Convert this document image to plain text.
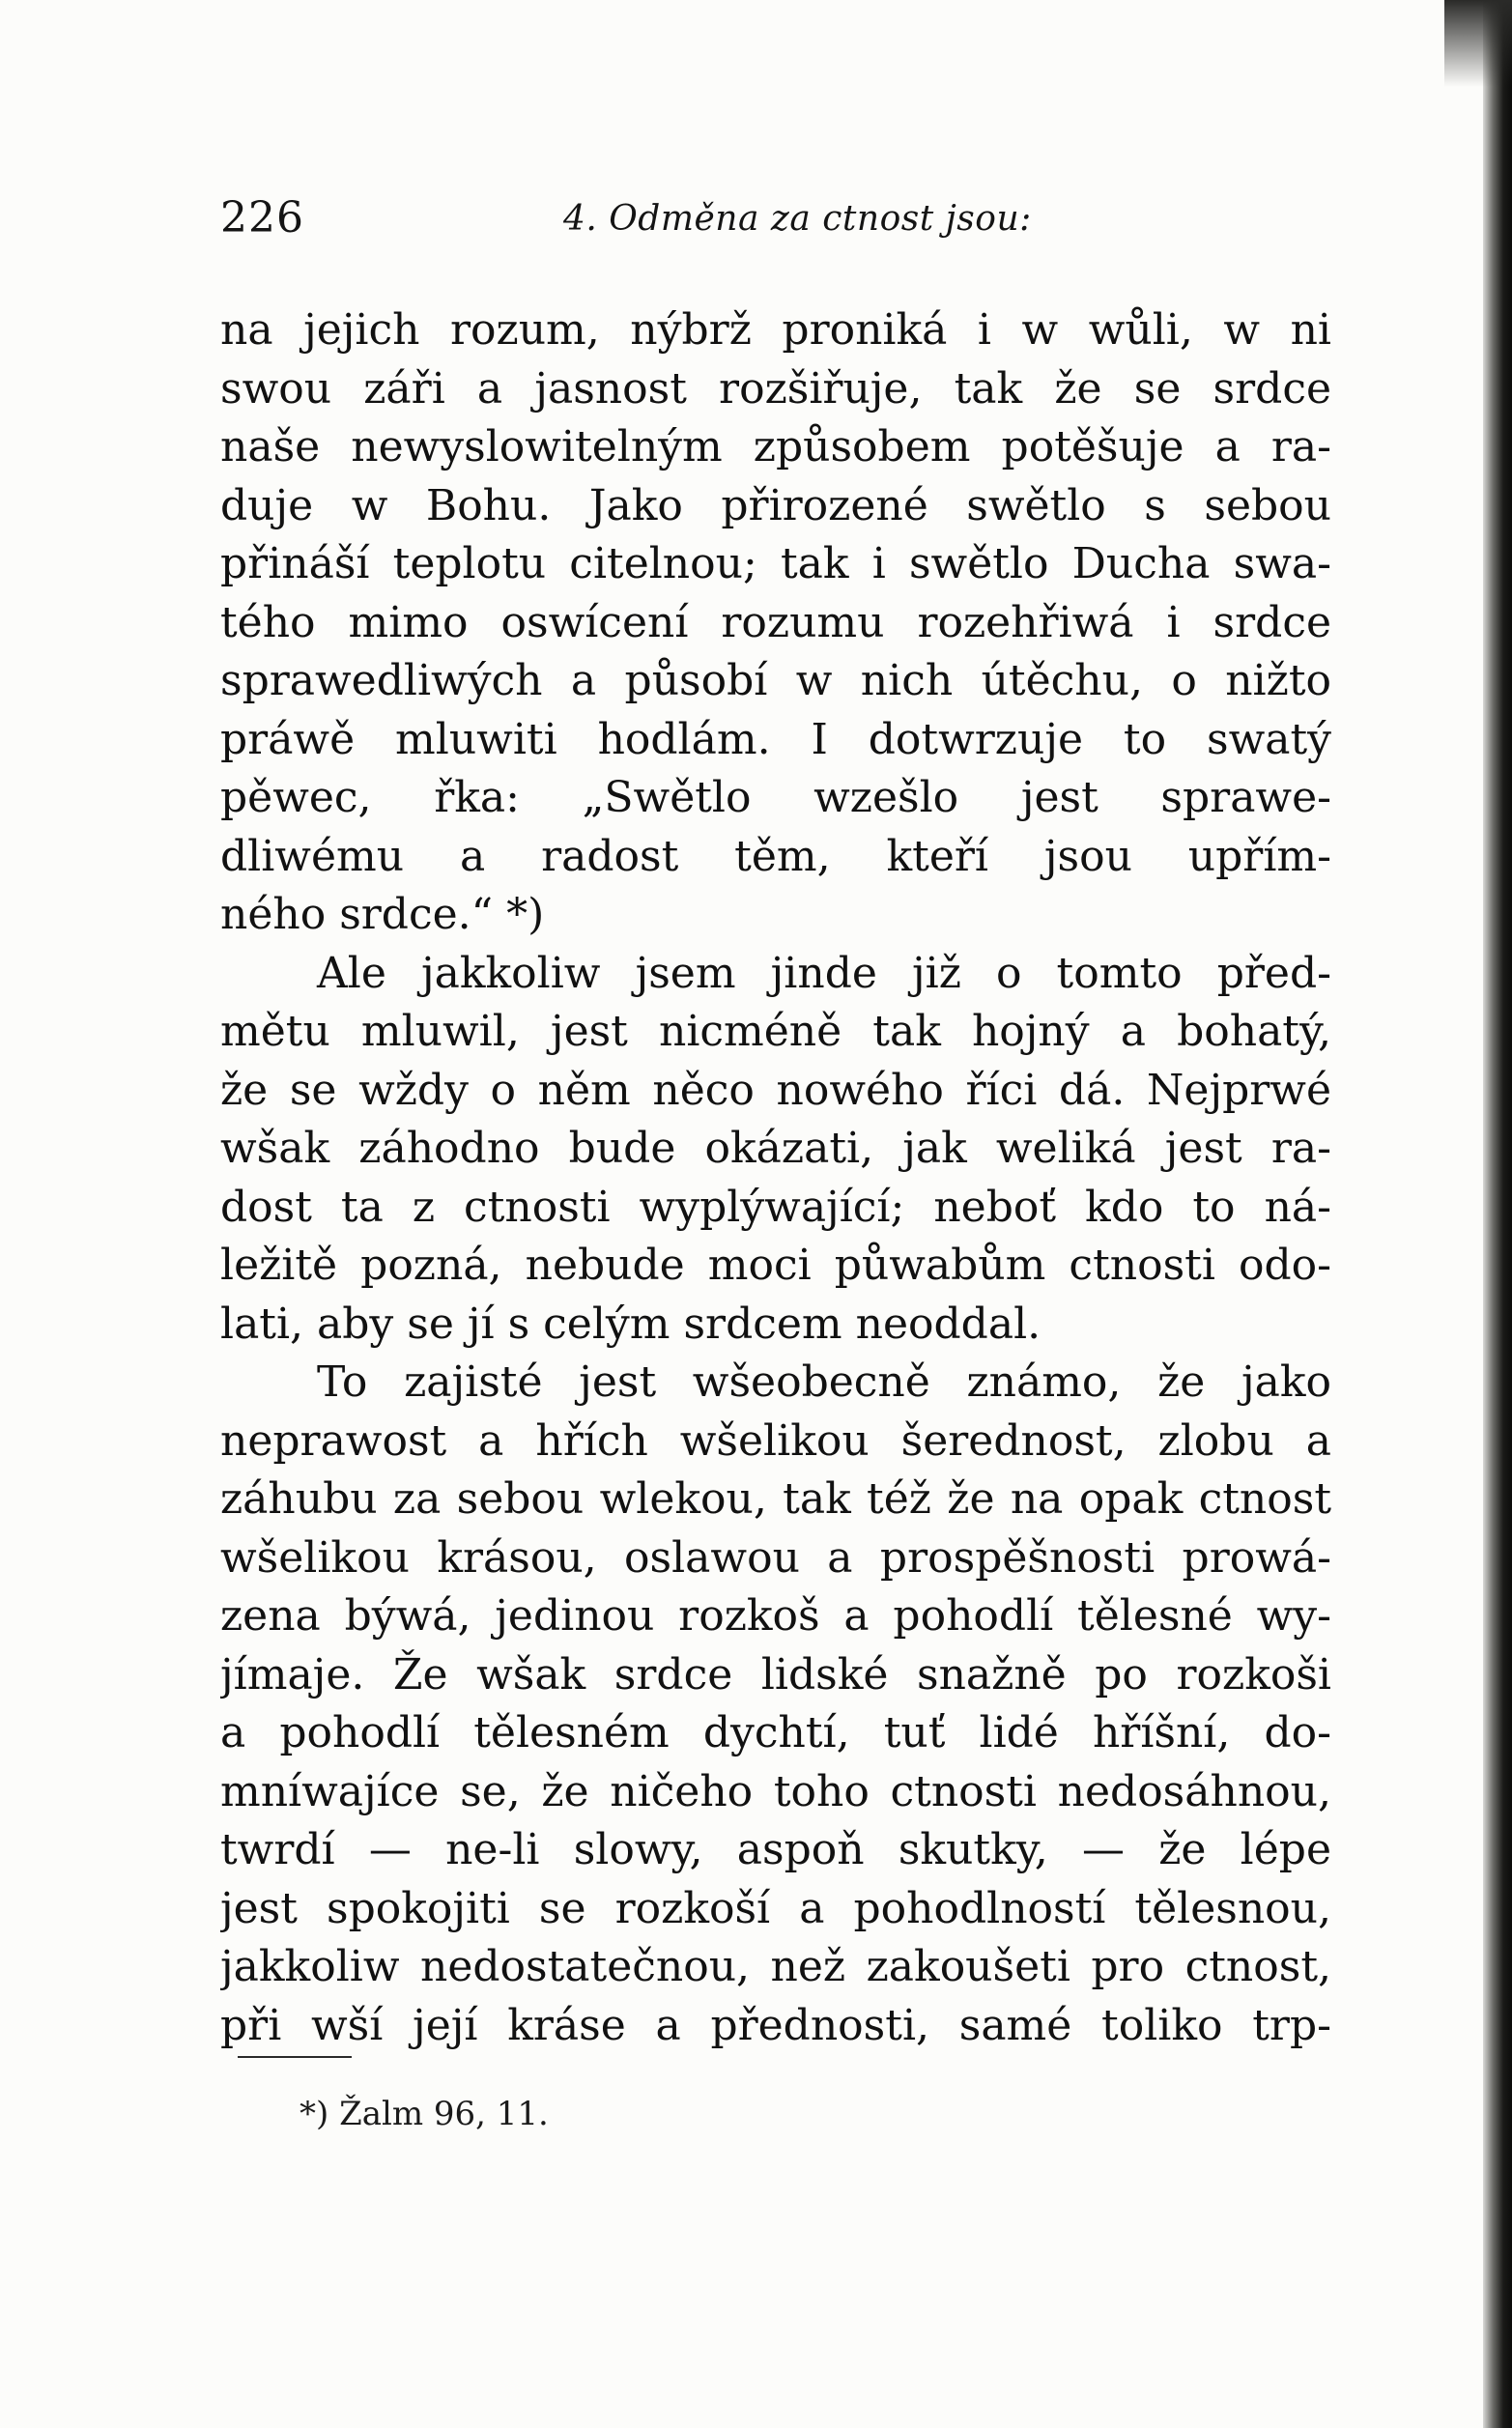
226	4. Odměna za ctnost jsou:
na jejich rozum, nýbrž proniká i w wůli, w ni
swou záři a jasnost rozšiřuje, tak že se srdce
naše newyslowitelným způsobem potěšuje a ra-
duje w Bohu. Jako přirozené swětlo s sebou
přináší teplotu citelnou; tak i swětlo Ducha swa-
tého mimo oswícení rozumu rozehřiwá i srdce
sprawedliwých a působí w nich útěchu, o nižto
práwě mluwiti hodlám. I dotwrzuje to swatý
pěwec, řka: „Swětlo wzešlo jest sprawe-
dliwému a radost těm, kteří jsou upřím-
ného srdce.“ *)
Ale jakkoliw jsem jinde již o tomto před-
mětu mluwil, jest nicméně tak hojný a bohatý,
že se wždy o něm něco nowého říci dá. Nejprwé
wšak záhodno bude okázati, jak weliká jest ra-
dost ta z ctnosti wyplýwající; neboť kdo to ná-
ležitě pozná, nebude moci půwabům ctnosti odo-
lati, aby se jí s celým srdcem neoddal.
To zajisté jest wšeobecně známo, že jako
neprawost a hřích wšelikou šerednost, zlobu a
záhubu za sebou wlekou, tak též že na opak ctnost
wšelikou krásou, oslawou a prospěšnosti prowá-
zena býwá, jedinou rozkoš a pohodlí tělesné wy-
jímaje. Že wšak srdce lidské snažně po rozkoši
a pohodlí tělesném dychtí, tuť lidé hříšní, do-
mníwajíce se, že ničeho toho ctnosti nedosáhnou,
twrdí — ne-li slowy, aspoň skutky, — že lépe
jest spokojiti se rozkoší a pohodlností tělesnou,
jakkoliw nedostatečnou, než zakoušeti pro ctnost,
při wší její kráse a přednosti, samé toliko trp-
*) Žalm 96, 11.
